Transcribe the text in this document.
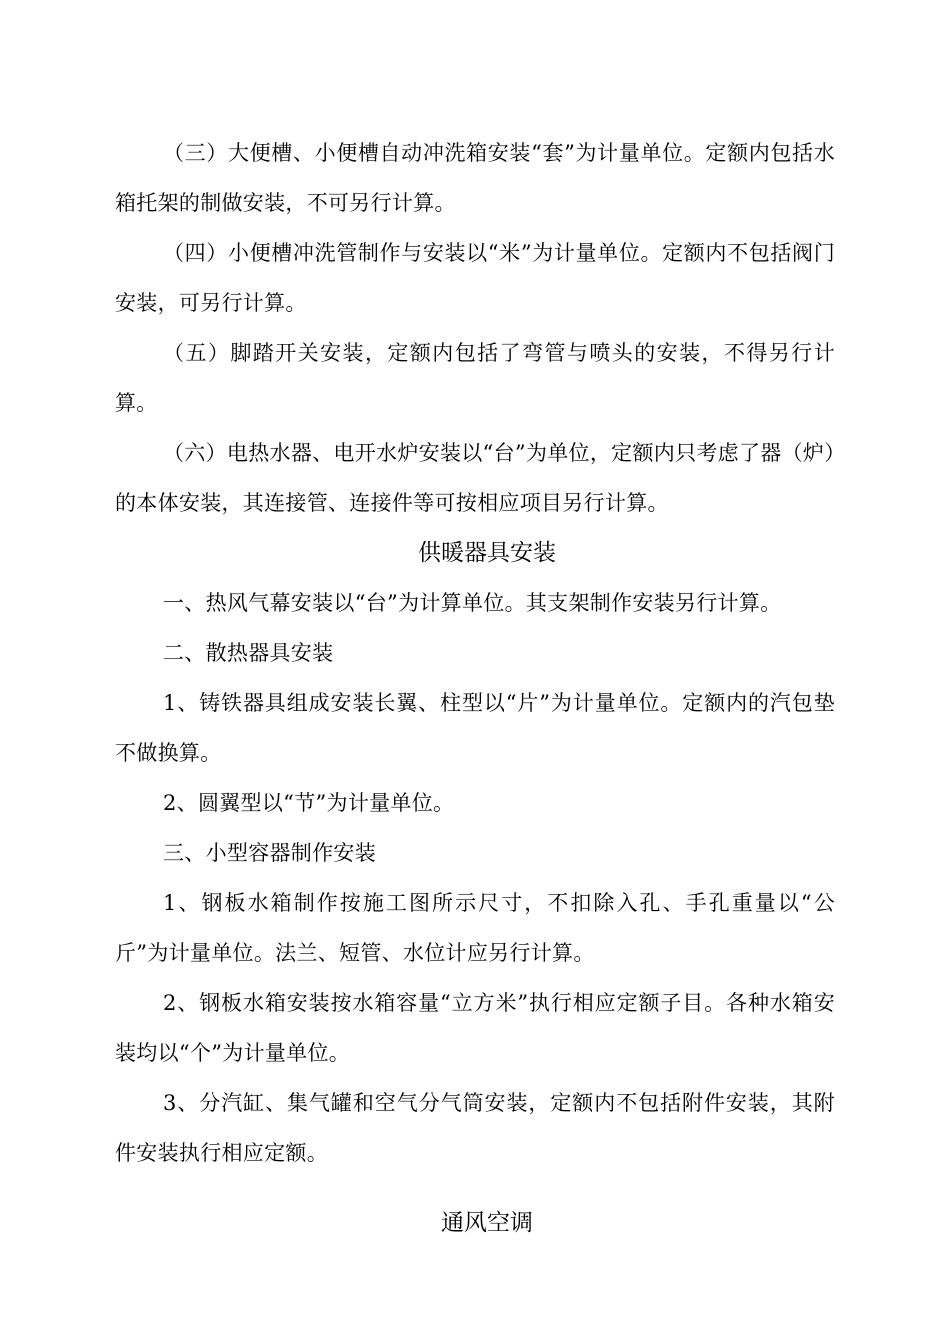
（三）大便槽、小便槽自动冲洗箱安装“套”为计量单位。定额内包括水箱托架的制做安装，不可另行计算。

（四）小便槽冲洗管制作与安装以“米”为计量单位。定额内不包括阀门安装，可另行计算。

（五）脚踏开关安装，定额内包括了弯管与喷头的安装，不得另行计算。

（六）电热水器、电开水炉安装以“台”为单位，定额内只考虑了器（炉）的本体安装，其连接管、连接件等可按相应项目另行计算。

供暖器具安装

一、热风气幕安装以“台”为计算单位。其支架制作安装另行计算。

二、散热器具安装

1、铸铁器具组成安装长翼、柱型以“片”为计量单位。定额内的汽包垫不做换算。

2、圆翼型以“节”为计量单位。

三、小型容器制作安装

1、钢板水箱制作按施工图所示尺寸，不扣除入孔、手孔重量以“公斤”为计量单位。法兰、短管、水位计应另行计算。

2、钢板水箱安装按水箱容量“立方米”执行相应定额子目。各种水箱安装均以“个”为计量单位。

3、分汽缸、集气罐和空气分气筒安装，定额内不包括附件安装，其附件安装执行相应定额。

通风空调
